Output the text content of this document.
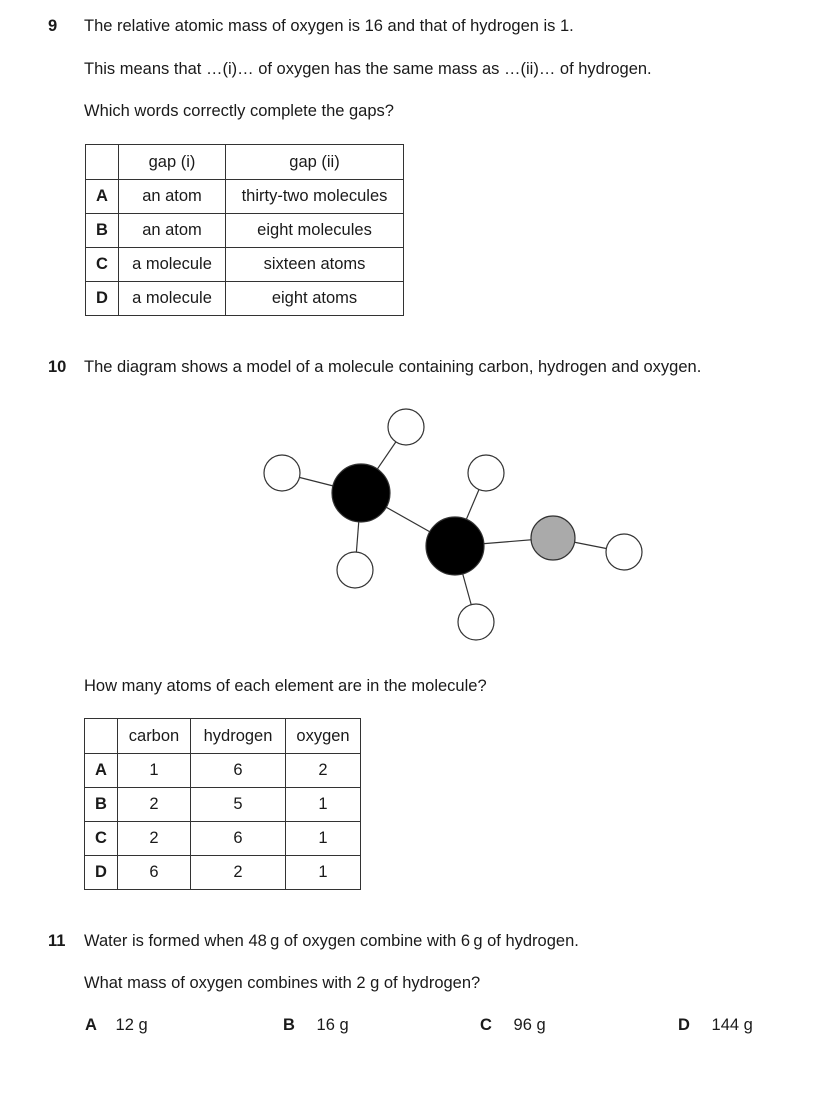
9 The relative atomic mass of oxygen is 16 and that of hydrogen is 1.
This means that …(i)… of oxygen has the same mass as …(ii)… of hydrogen.
Which words correctly complete the gaps?
	gap (i)	gap (ii)
A	an atom	thirty-two molecules
B	an atom	eight molecules
C	a molecule	sixteen atoms
D	a molecule	eight atoms
10 The diagram shows a model of a molecule containing carbon, hydrogen and oxygen.
How many atoms of each element are in the molecule?
	carbon	hydrogen	oxygen
A	1	6	2
B	2	5	1
C	2	6	1
D	6	2	1
11 Water is formed when 48 g of oxygen combine with 6 g of hydrogen.
What mass of oxygen combines with 2 g of hydrogen?
A 12 g	B 16 g	C 96 g	D 144 g
